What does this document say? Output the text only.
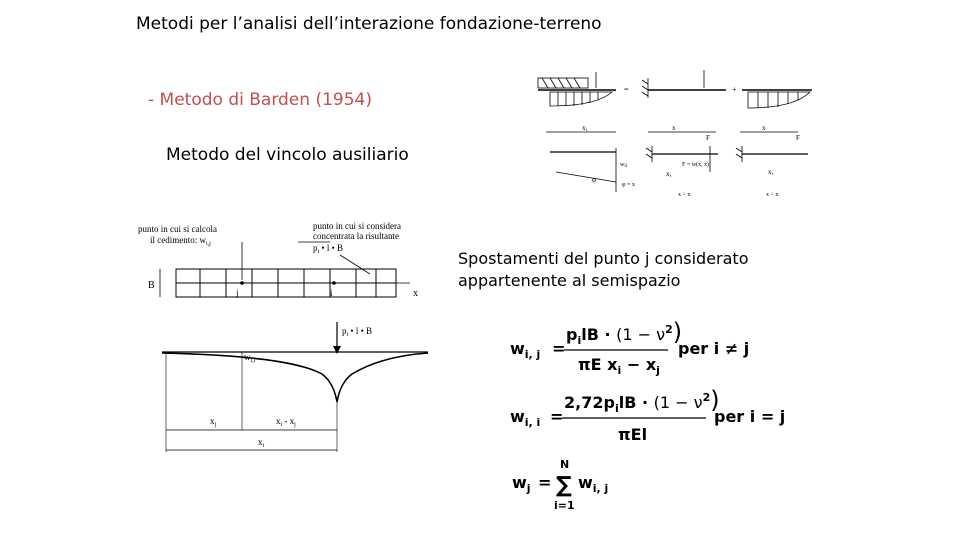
Metodi per l’analisi dell’interazione fondazione-terreno
- Metodo di Barden (1954)
Metodo del vincolo ausiliario
Spostamenti del punto j considerato
appartenente al semispazio
punto in cui si calcola
il cedimento: $w_{i,j}$
punto in cui si considera
concentrata la risultante
$p_i$ • l • B
B
j	i	x
$p_i$ • l • B
$w_{i,i}$
$x_j$	$x_i - x_j$
$x_i$
=	+
xi	x
F
x
F
wii
φ
φ = x
F = w(x, x)
xi
x > x
xi
x < x
$w_{i, j}$ =
$p_ilB \cdot (1 - \nu^2)$
πE $x_i - x_j$
per i ≠ j
$w_{i, i}$ =
$2,72p_ilB \cdot (1 - \nu^2)$
πEl
per i = j
$w_j$ =
N
∑
i=1
$w_{i, j}$
